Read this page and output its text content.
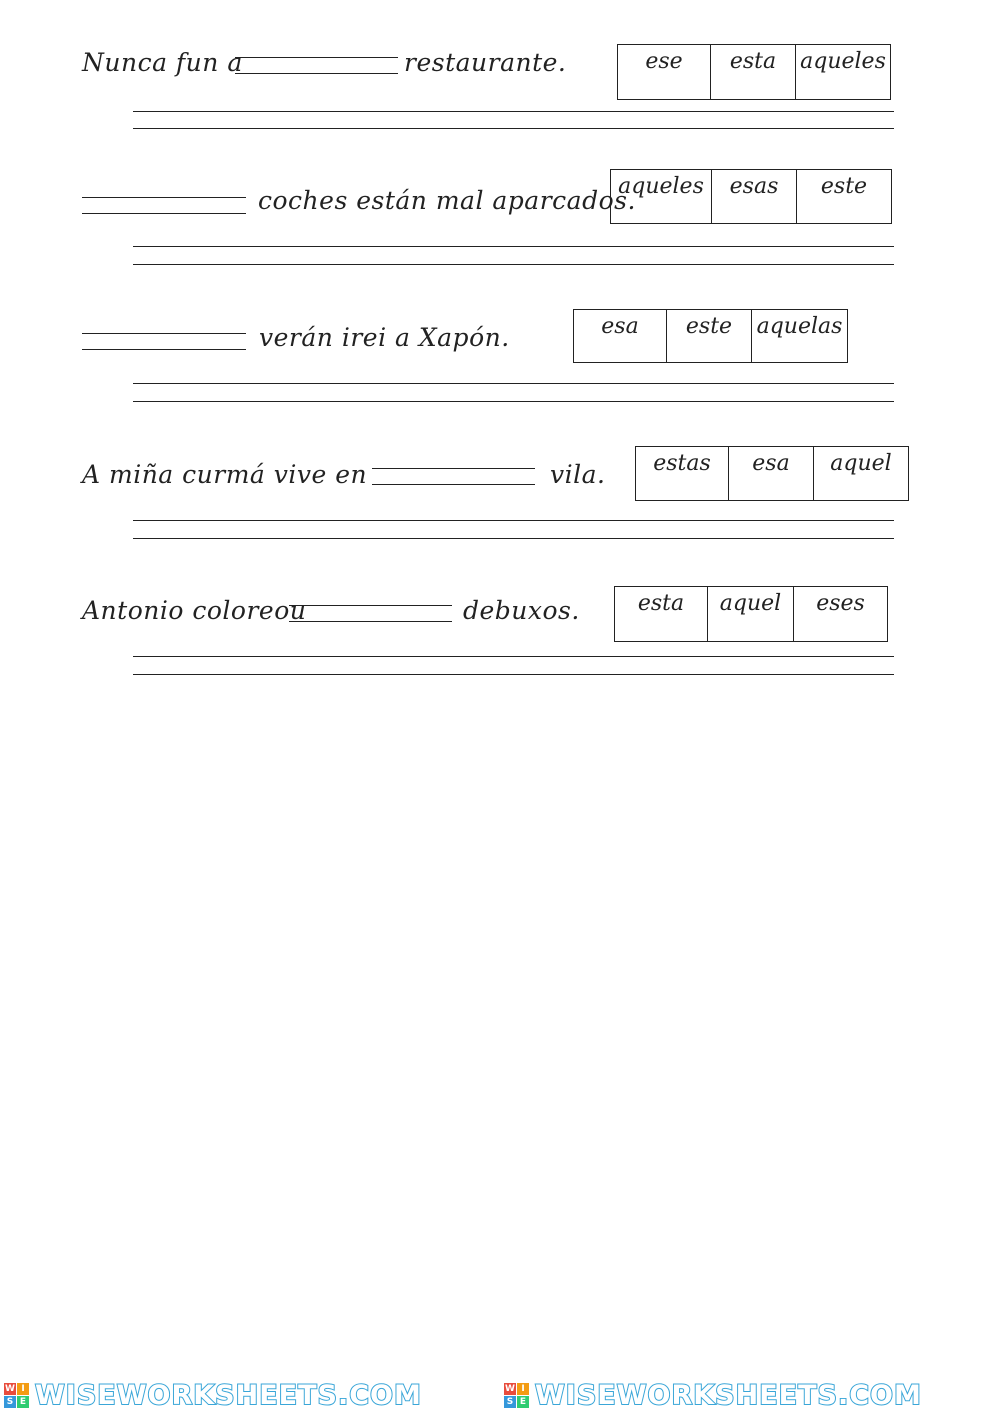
Nunca fun a	restaurante.	ese	esta	aqueles
coches están mal aparcados.
aqueles	esas	este
verán irei a Xapón.	esa	este	aquelas
A miña curmá vive en	vila.	estas	esa	aquel
Antonio coloreou	debuxos.	esta	aquel	eses
W I
S E WISEWORKSHEETS.COM	W I
S E WISEWORKSHEETS.COM
